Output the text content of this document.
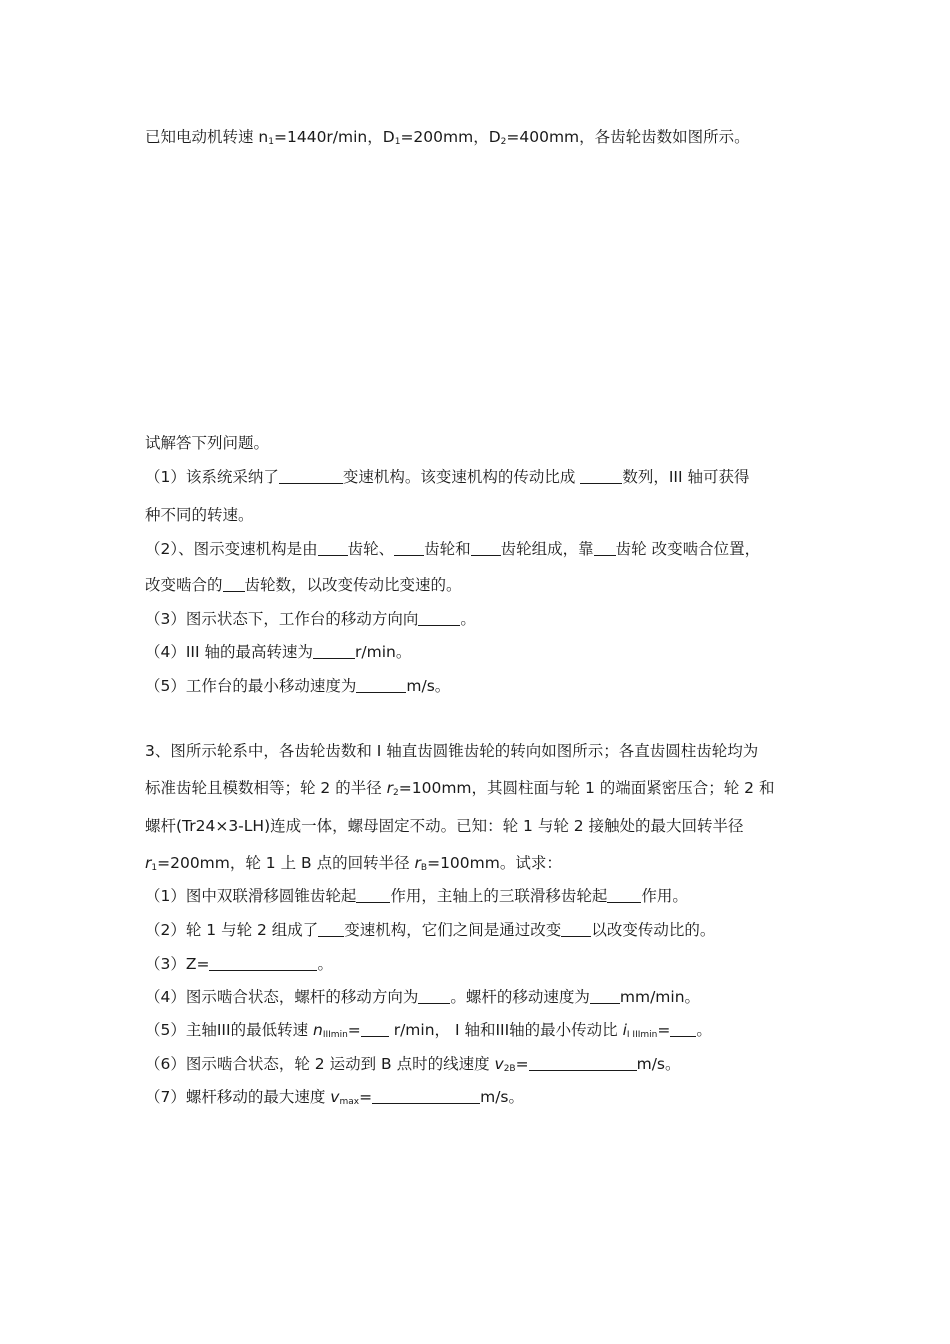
已知电动机转速 $n_1=1440r/\min$，$D_1=200mm$，$D_2=400mm$，各齿轮齿数如图所示。
试解答下列问题。
（1）该系统采纳了	变速机构。该变速机构的传动比成	数列，III 轴可获得
种不同的转速。
（2）、图示变速机构是由 齿轮、 齿轮和 齿轮组成，靠 齿轮 改变啮合位置，
改变啮合的 齿轮数，以改变传动比变速的。
（3）图示状态下，工作台的移动方向向	。
（4）III 轴的最高转速为	r/min。
（5）工作台的最小移动速度为	m/s。
3、图所示轮系中，各齿轮齿数和 I 轴直齿圆锥齿轮的转向如图所示；各直齿圆柱齿轮均为
标准齿轮且模数相等；轮 2 的半径 $r_2=100mm$，其圆柱面与轮 1 的端面紧密压合；轮 2 和
螺杆(Tr24×3-LH)连成一体，螺母固定不动。已知：轮 1 与轮 2 接触处的最大回转半径
$r_1=200mm$，轮 1 上 B 点的回转半径 $r_B=100mm$。试求：
（1）图中双联滑移圆锥齿轮起 作用，主轴上的三联滑移齿轮起 作用。
（2）轮 1 与轮 2 组成了 变速机构，它们之间是通过改变 以改变传动比的。
（3）Z=	。
（4）图示啮合状态，螺杆的移动方向为 。螺杆的移动速度为 mm/min。
（5）主轴III的最低转速 $n_{IIImin}= r/\min$， I 轴和III轴的最小传动比 $i_{I IIImin}=$ 。
（6）图示啮合状态，轮 2 运动到 B 点时的线速度 $v_{2B}=$	m/s。
（7）螺杆移动的最大速度 $v_{max}=$	m/s。
